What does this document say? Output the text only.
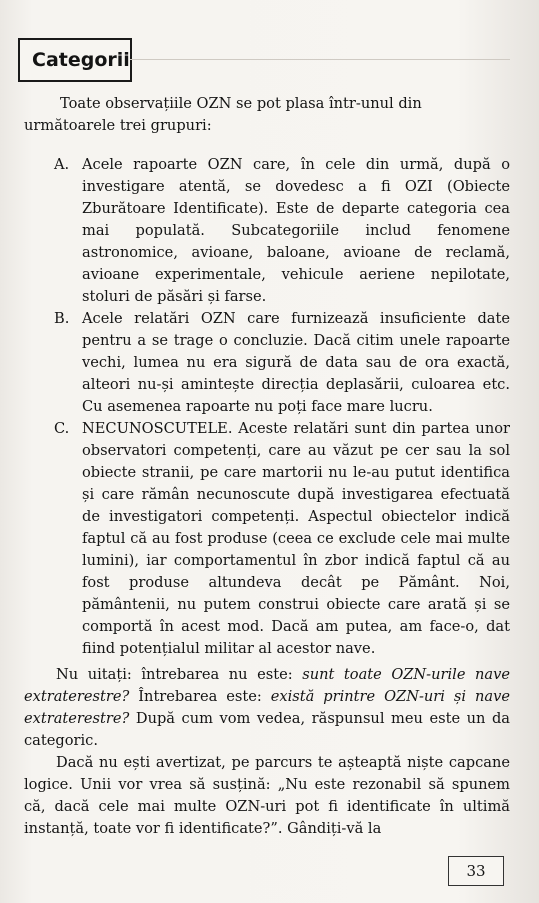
Categorii
Toate observațiile OZN se pot plasa într-unul din următoarele trei grupuri:
A. Acele rapoarte OZN care, în cele din urmă, după o investigare atentă, se dovedesc a fi OZI (Obiecte Zburătoare Identificate). Este de departe categoria cea mai populată. Subcategoriile includ fenomene astronomice, avioane, baloane, avioane de reclamă, avioane experimentale, vehicule aeriene nepilotate, stoluri de păsări și farse.
B. Acele relatări OZN care furnizează insuficiente date pentru a se trage o concluzie. Dacă citim unele rapoarte vechi, lumea nu era sigură de data sau de ora exactă, alteori nu-și amintește direcția deplasării, culoarea etc. Cu asemenea rapoarte nu poți face mare lucru.
C. NECUNOSCUTELE. Aceste relatări sunt din partea unor observatori competenți, care au văzut pe cer sau la sol obiecte stranii, pe care martorii nu le-au putut identifica și care rămân necunoscute după investigarea efectuată de investigatori competenți. Aspectul obiectelor indică faptul că au fost produse (ceea ce exclude cele mai multe lumini), iar comportamentul în zbor indică faptul că au fost produse altundeva decât pe Pământ. Noi, pământenii, nu putem construi obiecte care arată și se comportă în acest mod. Dacă am putea, am face-o, dat fiind potențialul militar al acestor nave.
Nu uitați: întrebarea nu este: sunt toate OZN-urile nave extraterestre? Întrebarea este: există printre OZN-uri și nave extraterestre? După cum vom vedea, răspunsul meu este un da categoric.
Dacă nu ești avertizat, pe parcurs te așteaptă niște capcane logice. Unii vor vrea să susțină: „Nu este rezonabil să spunem că, dacă cele mai multe OZN-uri pot fi identificate în ultimă instanță, toate vor fi identificate?”. Gândiți-vă la
33
